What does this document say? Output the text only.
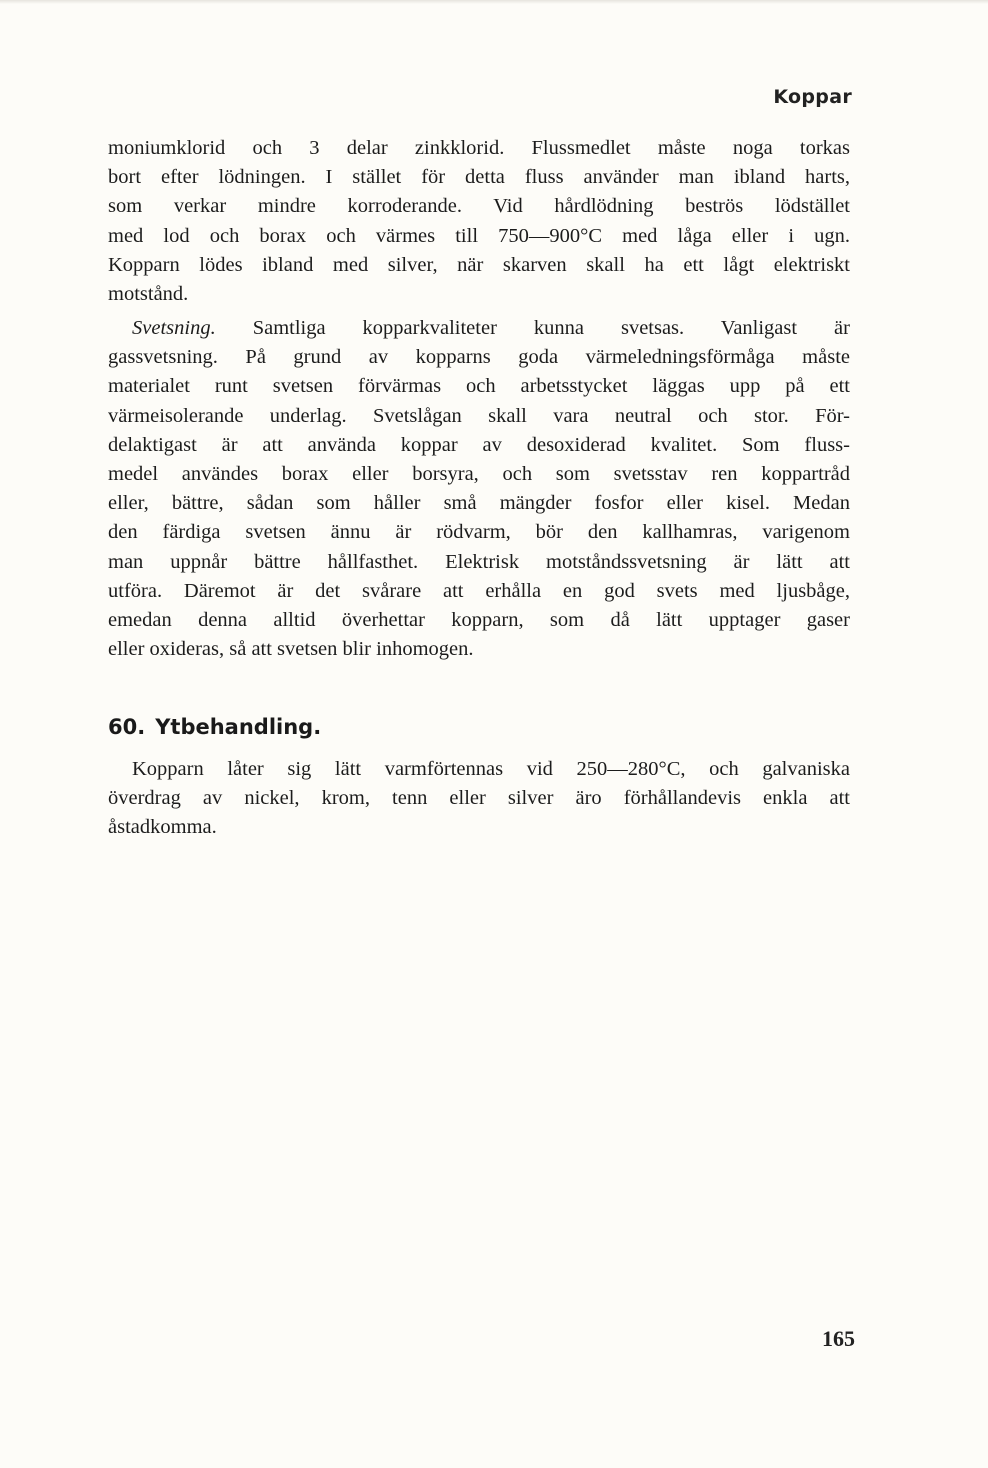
Koppar

moniumklorid och 3 delar zinkklorid. Flussmedlet måste noga torkas
bort efter lödningen. I stället för detta fluss använder man ibland harts,
som verkar mindre korroderande. Vid hårdlödning beströs lödstället
med lod och borax och värmes till 750—900°C med låga eller i ugn.
Kopparn lödes ibland med silver, när skarven skall ha ett lågt elektriskt
motstånd.

Svetsning. Samtliga kopparkvaliteter kunna svetsas. Vanligast är
gassvetsning. På grund av kopparns goda värmeledningsförmåga måste
materialet runt svetsen förvärmas och arbetsstycket läggas upp på ett
värmeisolerande underlag. Svetslågan skall vara neutral och stor. För-
delaktigast är att använda koppar av desoxiderad kvalitet. Som fluss-
medel användes borax eller borsyra, och som svetsstav ren koppartråd
eller, bättre, sådan som håller små mängder fosfor eller kisel. Medan
den färdiga svetsen ännu är rödvarm, bör den kallhamras, varigenom
man uppnår bättre hållfasthet. Elektrisk motståndssvetsning är lätt att
utföra. Däremot är det svårare att erhålla en god svets med ljusbåge,
emedan denna alltid överhettar kopparn, som då lätt upptager gaser
eller oxideras, så att svetsen blir inhomogen.

60. Ytbehandling.

Kopparn låter sig lätt varmförtennas vid 250—280°C, och galvaniska
överdrag av nickel, krom, tenn eller silver äro förhållandevis enkla att
åstadkomma.

165
